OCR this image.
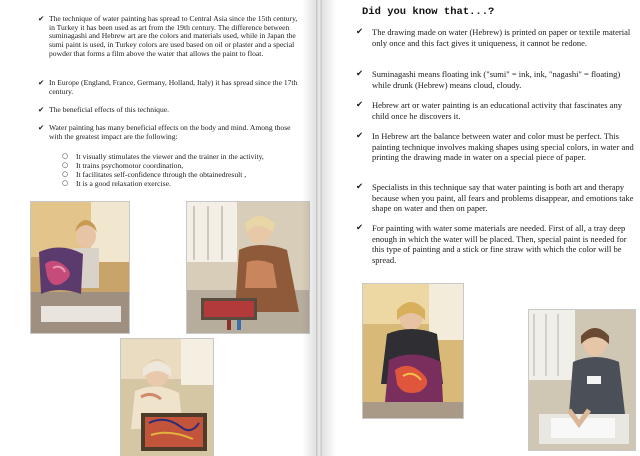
✔ The technique of water painting has spread to Central Asia since the 15th century, in Turkey it has been used as art from the 19th century. The difference between suminagashi and Hebrew art are the colors and materials used, while in Japan the sumi paint is used, in Turkey colors are used based on oil or plaster and a special powder that forms a film above the water that allows the paint to float.
✔ In Europe (England, France, Germany, Holland, Italy) it has spread since the 17th century.
✔ The beneficial effects of this technique.
✔ Water painting has many beneficial effects on the body and mind. Among those with the greatest impact are the following:
○ It visually stimulates the viewer and the trainer in the activity,
○ It trains psychomotor coordination,
○ It facilitates self-confidence through the obtainedresult ,
○ It is a good relaxation exercise.
Did you know that...?
✔	The drawing made on water (Hebrew) is printed on paper or textile material only once and this fact gives it uniqueness, it cannot be redone.
✔	Suminagashi means floating ink ("sumi" = ink, ink, "nagashi" = floating) while drunk (Hebrew) means cloud, cloudy.
✔	Hebrew art or water painting is an educational activity that fascinates any child once he discovers it.
✔	In Hebrew art the balance between water and color must be perfect. This painting technique involves making shapes using special colors, in water and printing the drawing made in water on a special piece of paper.
✔	Specialists in this technique say that water painting is both art and therapy because when you paint, all fears and problems disappear, and emotions take shape on water and then on paper.
✔	For painting with water some materials are needed. First of all, a tray deep enough in which the water will be placed. Then, special paint is needed for this type of painting and a stick or fine straw with which the color will be spread.
